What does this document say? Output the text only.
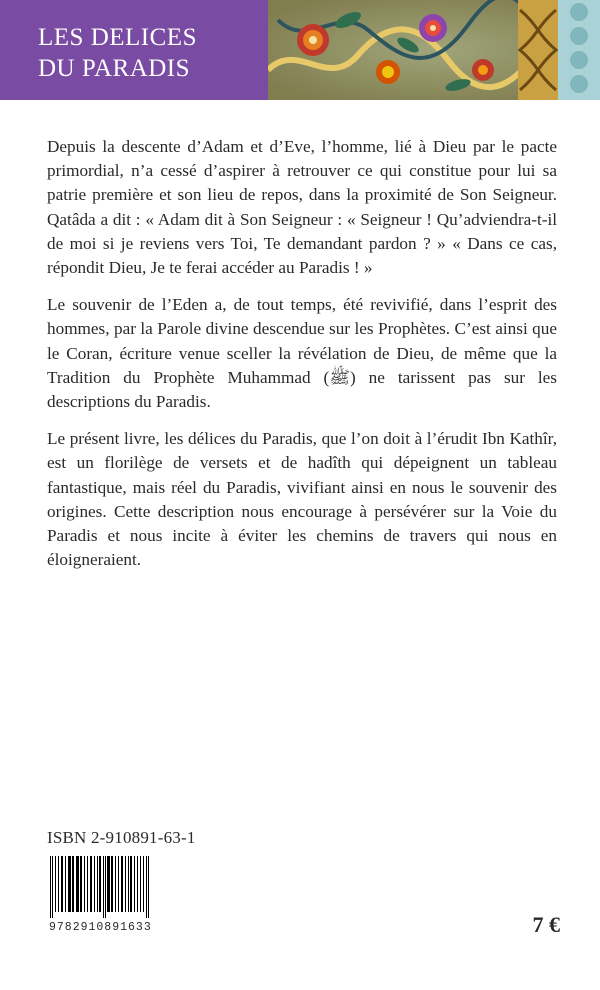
LES DELICES
DU PARADIS

Depuis la descente d’Adam et d’Eve, l’homme, lié à Dieu par le pacte primordial, n’a cessé d’aspirer à retrouver ce qui constitue pour lui sa patrie première et son lieu de repos, dans la proximité de Son Seigneur. Qatâda a dit : « Adam dit à Son Seigneur : « Seigneur ! Qu’adviendra-t-il de moi si je reviens vers Toi, Te demandant pardon ? » « Dans ce cas, répondit Dieu, Je te ferai accéder au Paradis ! »

Le souvenir de l’Eden a, de tout temps, été revivifié, dans l’esprit des hommes, par la Parole divine descendue sur les Prophètes. C’est ainsi que le Coran, écriture venue sceller la révélation de Dieu, de même que la Tradition du Prophète Muhammad (ﷺ) ne tarissent pas sur les descriptions du Paradis.

Le présent livre, les délices du Paradis, que l’on doit à l’érudit Ibn Kathîr, est un florilège de versets et de hadîth qui dépeignent un tableau fantastique, mais réel du Paradis, vivifiant ainsi en nous le souvenir des origines. Cette description nous encourage à persévérer sur la Voie du Paradis et nous incite à éviter les chemins de travers qui nous en éloigneraient.

ISBN 2-910891-63-1
9782910891633	7 €
